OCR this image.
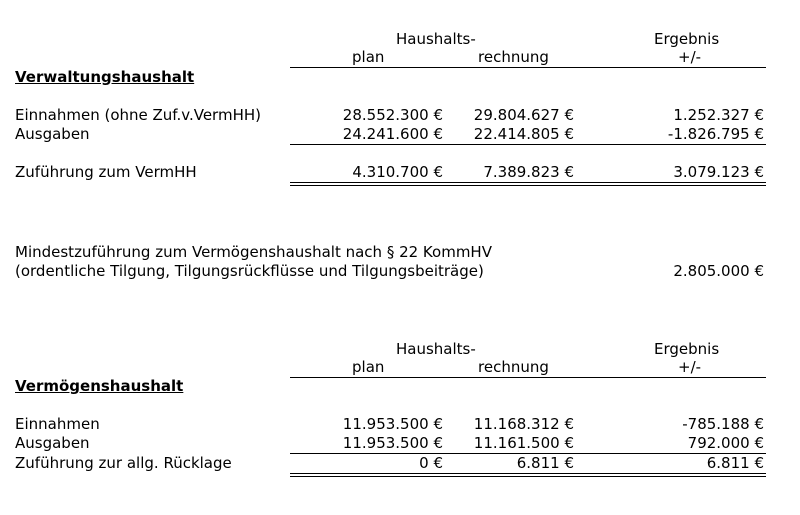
Haushalts-	Ergebnis
plan	rechnung	+/-
Verwaltungshaushalt
Einnahmen (ohne Zuf.v.VermHH)	28.552.300 €	29.804.627 €	1.252.327 €
Ausgaben	24.241.600 €	22.414.805 €	-1.826.795 €
Zuführung zum VermHH	4.310.700 €	7.389.823 €	3.079.123 €
Mindestzuführung zum Vermögenshaushalt nach § 22 KommHV
(ordentliche Tilgung, Tilgungsrückflüsse und Tilgungsbeiträge)	2.805.000 €
Haushalts-	Ergebnis
plan	rechnung	+/-
Vermögenshaushalt
Einnahmen	11.953.500 €	11.168.312 €	-785.188 €
Ausgaben	11.953.500 €	11.161.500 €	792.000 €
Zuführung zur allg. Rücklage	0 €	6.811 €	6.811 €
